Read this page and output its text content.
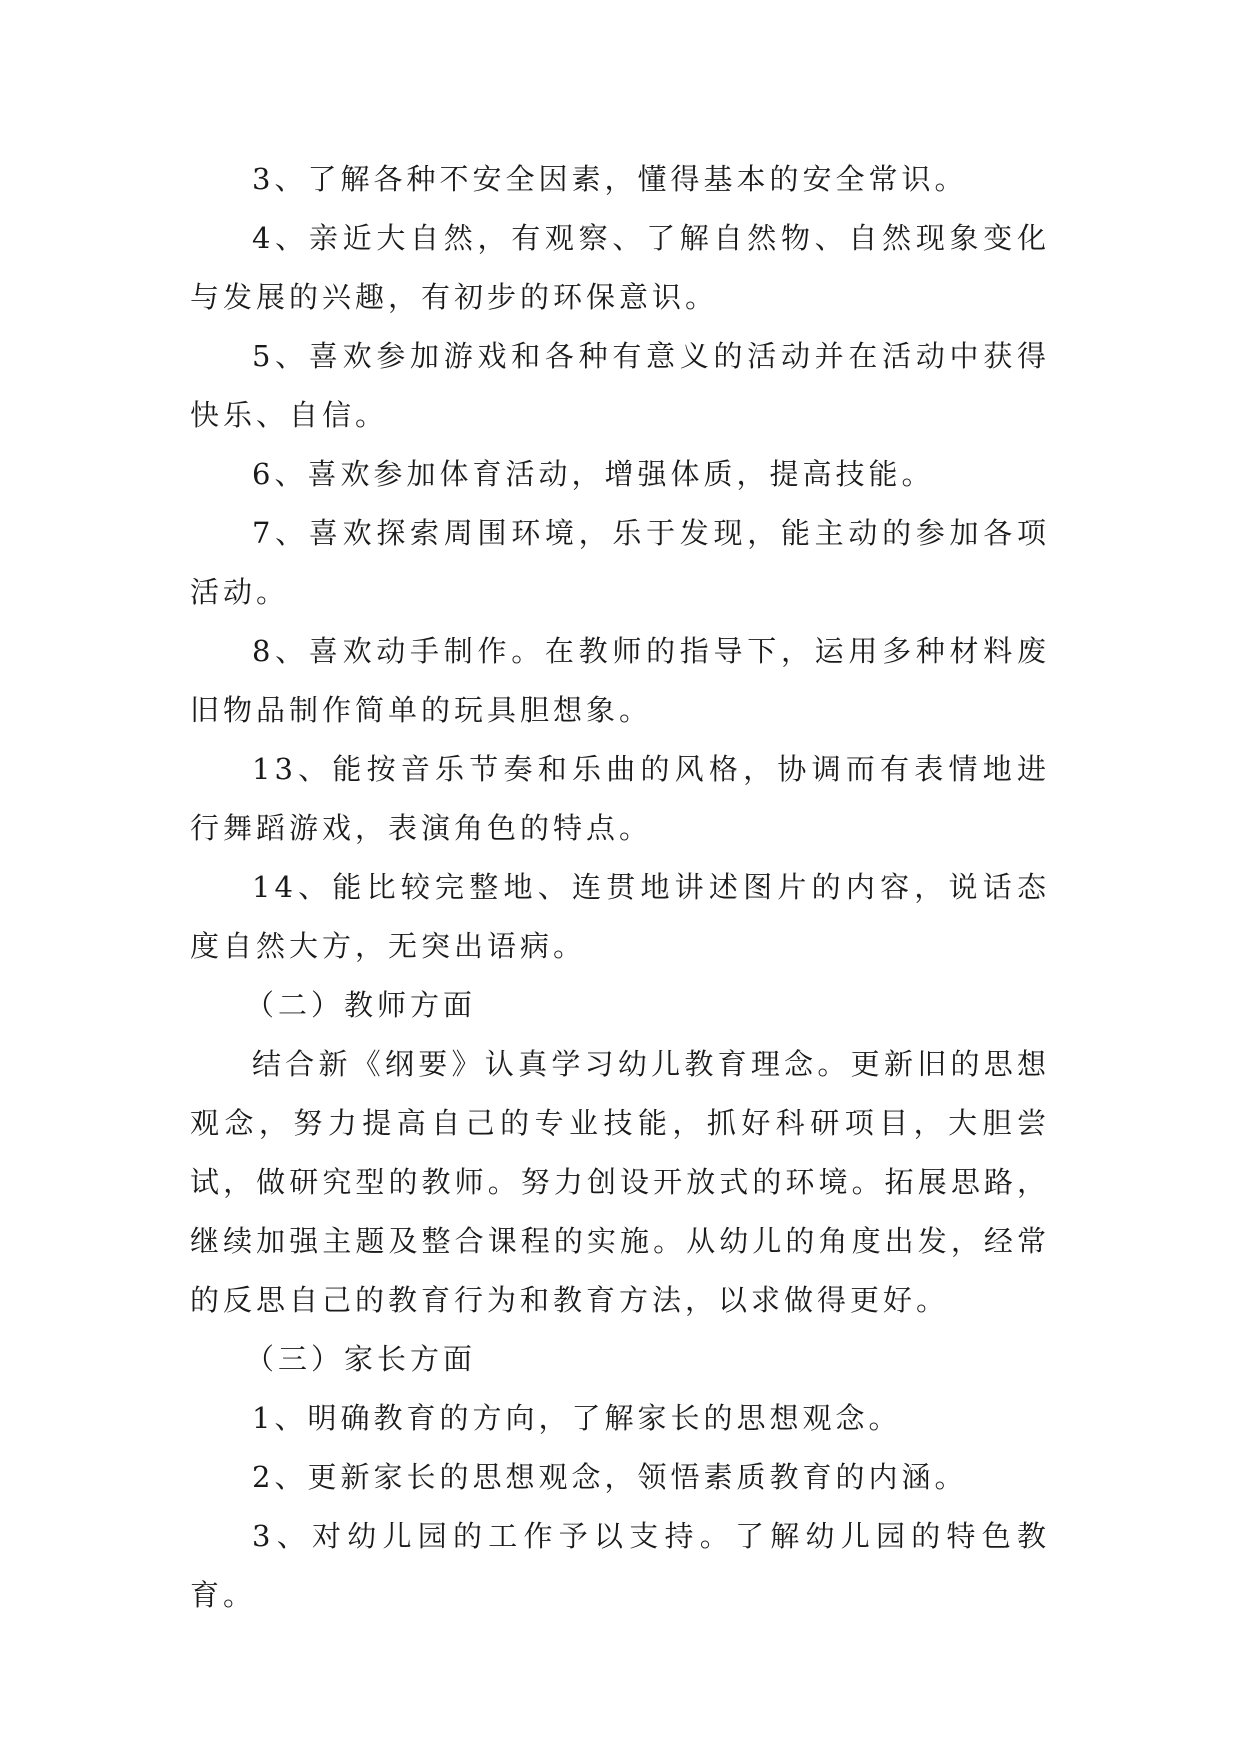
3、了解各种不安全因素，懂得基本的安全常识。

4、亲近大自然，有观察、了解自然物、自然现象变化与发展的兴趣，有初步的环保意识。

5、喜欢参加游戏和各种有意义的活动并在活动中获得快乐、自信。

6、喜欢参加体育活动，增强体质，提高技能。

7、喜欢探索周围环境，乐于发现，能主动的参加各项活动。

8、喜欢动手制作。在教师的指导下，运用多种材料废旧物品制作简单的玩具胆想象。

13、能按音乐节奏和乐曲的风格，协调而有表情地进行舞蹈游戏，表演角色的特点。

14、能比较完整地、连贯地讲述图片的内容，说话态度自然大方，无突出语病。

（二）教师方面

结合新《纲要》认真学习幼儿教育理念。更新旧的思想观念，努力提高自己的专业技能，抓好科研项目，大胆尝试，做研究型的教师。努力创设开放式的环境。拓展思路，继续加强主题及整合课程的实施。从幼儿的角度出发，经常的反思自己的教育行为和教育方法，以求做得更好。

（三）家长方面

1、明确教育的方向，了解家长的思想观念。

2、更新家长的思想观念，领悟素质教育的内涵。

3、对幼儿园的工作予以支持。了解幼儿园的特色教育。
